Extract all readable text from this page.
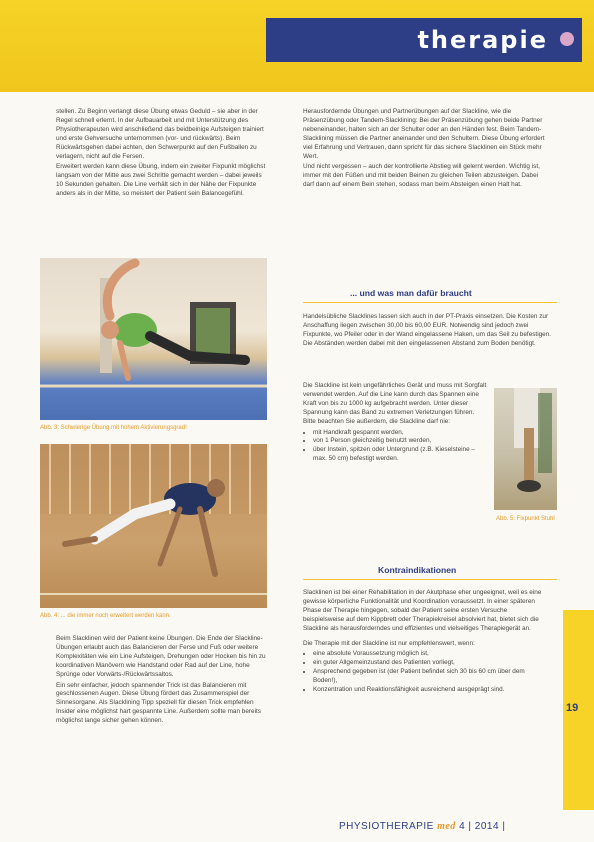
therapie

stellen. Zu Beginn verlangt diese Übung etwas Geduld – sie aber in der Regel schnell erlernt. In der Aufbauarbeit und mit Unterstützung des Physiotherapeuten wird anschließend das beidbeinige Aufsteigen trainiert und erste Gehversuche unternommen (vor- und rückwärts). Beim Rückwärtsgehen dabei achten, den Schwerpunkt auf den Fußballen zu verlagern, nicht auf die Fersen.

Erweitert werden kann diese Übung, indem ein zweiter Fixpunkt möglichst langsam von der Mitte aus zwei Schritte gemacht werden – dabei jeweils 10 Sekunden gehalten. Die Line verhält sich in der Nähe der Fixpunkte anders als in der Mitte, so meistert der Patient sein Balancegefühl.

Abb. 3: Schwierige Übung mit hohem Aktivierungsgrad!
Abb. 4: ... die immer noch erweitert werden kann.

Beim Slacklinen wird der Patient keine Übungen. Die Ende der Slackline-Übungen erlaubt auch das Balancieren der Ferse und Fuß oder weitere Komplexitäten wie ein Line Aufsteigen, Drehungen oder Hocken bis hin zu koordinativen Manövern wie Handstand oder Rad auf der Line, hohe Sprünge oder Vorwärts-/Rückwärtssaltos.

Ein sehr einfacher, jedoch spannender Trick ist das Balancieren mit geschlossenen Augen. Diese Übung fördert das Zusammenspiel der Sinnesorgane. Als Slacklining Tipp speziell für diesen Trick empfehlen Insider eine möglichst hart gespannte Line. Außerdem sollte man bereits möglichst lange sicher gehen können.

Herausfordernde Übungen und Partnerübungen auf der Slackline, wie die Präsenzübung oder Tandem-Slacklining: Bei der Präsenzübung gehen beide Partner nebeneinander, halten sich an der Schulter oder an den Händen fest. Beim Tandem-Slacklining müssen die Partner aneinander und den Schultern. Diese Übung erfordert viel Erfahrung und Vertrauen, dann spricht für das sichere Slacklinen ein Stück mehr Wert.

Und nicht vergessen – auch der kontrollierte Abstieg will gelernt werden. Wichtig ist, immer mit den Füßen und mit beiden Beinen zu gleichen Teilen abzusteigen. Dabei darf dann auf einem Bein stehen, sodass man beim Absteigen einen Halt hat.

... und was man dafür braucht

Handelsübliche Slacklines lassen sich auch in der PT-Praxis einsetzen. Die Kosten zur Anschaffung liegen zwischen 30,00 bis 60,00 EUR. Notwendig sind jedoch zwei Fixpunkte, wo Pfeiler oder in der Wand eingelassene Haken, um das Seil zu befestigen. Die Abständen werden dabei mit den eingelassenen Abstand zum Boden benötigt.

Die Slackline ist kein ungefährliches Gerät und muss mit Sorgfalt verwendet werden. Auf die Line kann durch das Spannen eine Kraft von bis zu 1000 kg aufgebracht werden. Unter dieser Spannung kann das Band zu extremen Verletzungen führen. Bitte beachten Sie außerdem, die Slackline darf nie:

• mit Handkraft gespannt werden,
• von 1 Person gleichzeitig benutzt werden,
• über Instein, spitzen oder Untergrund (z.B. Kieselsteine – max. 50 cm) befestigt werden.
Abb. 5: Fixpunkt Stuhl
Kontraindikationen

Slacklinen ist bei einer Rehabilitation in der Akutphase eher ungeeignet, weil es eine gewisse körperliche Funktionalität und Koordination voraussetzt. In einer späteren Phase der Therapie hingegen, sobald der Patient seine ersten Versuche beispielsweise auf dem Kippbrett oder Therapiekreisel absolviert hat, bietet sich die Slackline als herausforderndes und effizientes und vielseitiges Therapiegerät an.

Die Therapie mit der Slackline ist nur empfehlenswert, wenn:

• eine absolute Voraussetzung möglich ist,
• ein guter Allgemeinzustand des Patienten vorliegt,
• Ansprechend gegeben ist (der Patient befindet sich 30 bis 60 cm über dem Boden!),
• Konzentration und Reaktionsfähigkeit ausreichend ausgeprägt sind.
19
PHYSIOTHERAPIE med 4 | 2014 |
